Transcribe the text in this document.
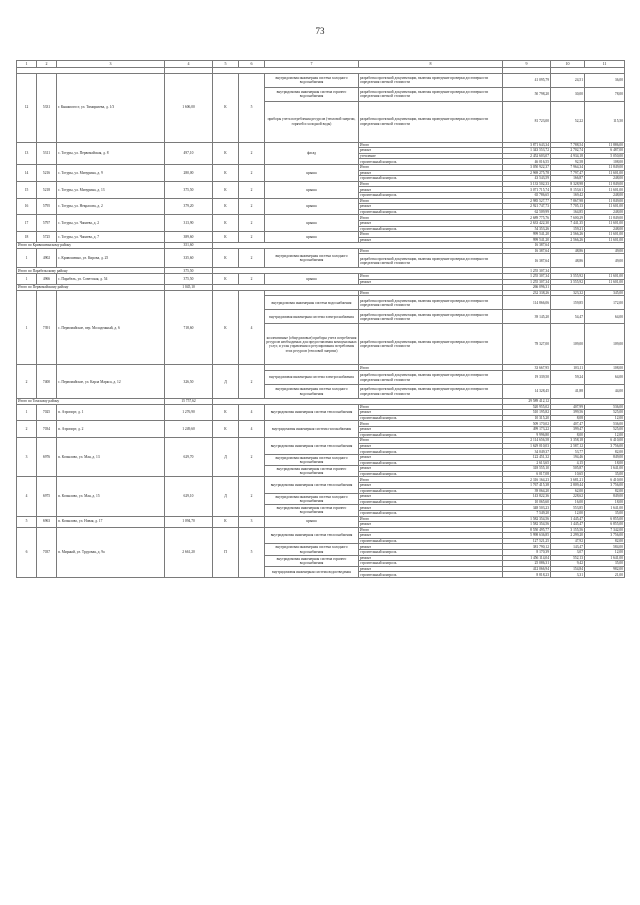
73
1	2	3	4	5	6	7	8	9	10	11

12	5331	г. Княжпогост, ул. Тимирязева, д. 1/3	1 606,00	К	5	внутридомовая инженерная система холодного водоснабжения	разработка проектной документации, включая проведение проверки достоверности определения сметной стоимости	41 095,79	24,51	36,00
						внутридомовая инженерная система горячего водоснабжения	разработка проектной документации, включая проведение проверки достоверности определения сметной стоимости	50 798,20	30,00	78,00
						приборы учета потребления ресурсов (тепловой энергии, горячей и холодной воды)	разработка проектной документации, включая проведение проверки достоверности определения сметной стоимости	81 723,00	52,22	115,50
13	5311	с. Тотуры, ул. Первомайская, д. 8	497,10	К	2	фасад	Итого	3 871 643,34	7 788,54	11 886,00
							ремонт	1 343 553,72	2 702,74	6 487,00
							утепление	2 452 603,07	4 934,18	5 050,00
							строительный контроль	46 016,55	92,58	108,00
14	5216	с. Тотуры, ул. Мичурина, д. 9	280,00	К	2	крыша	Итого	3 050 922,37	7 964,34	11 849,00
							ремонт	2 969 275,78	7 797,47	11 601,00
							строительный контроль	43 543,59	166,87	248,00
15	5218	с. Тотуры, ул. Мичурина, д. 13	375,50	К	2	крыша	Итого	3 133 502,33	8 328,98	11 849,00
							ремонт	3 071 715,74	8 153,61	11 601,00
							строительный контроль	65 786,65	169,42	248,00
16	5795	с. Тотуры, ул. Некрасова, д. 2	379,20	К	2	крыша	Итого	2 985 527,77	7 867,98	11 849,00
							ремонт	2 921 747,73	7 705,13	11 601,00
							строительный контроль	62 509,99	164,85	248,00
17	5797	с. Тотуры, ул. Чапаева, д. 2	313,90	К	2	крыша	Итого	2 689 775,76	7 600,29	11 849,00
							ремонт	2 633 422,30	7 441,35	11 601,00
							строительный контроль	54 353,26	159,21	248,00
18	5725	с. Тотуры, ул. Чапаева, д. 7	389,60	К	2	крыша	Итого	999 541,20	2 566,26	11 601,00
							ремонт	999 541,20	2 566,26	11 601,00
Итого по Кривошеинскому району			351,60					16 387,64		
1	4902	с. Кривошеино, ул. Кирова, д. 25	335,60	К	2	внутридомовая инженерная система холодного водоснабжения	Итого	16 387,64	48,86	49,00
							разработка проектной документации, включая проведение проверки достоверности определения сметной стоимости	16 387,64	48,86	49,00
Итого по Парабельскому району			375,50					1 255 307,34		
1	4966	с. Парабель, ул. Советская, д. 54	375,50	К	2	крыша	Итого	1 255 307,34	3 555,92	11 601,00
							ремонт	1 255 307,34	3 555,92	11 601,00
Итого по Первомайскому району			1 045,10					266 096,31		
1	7391	с. Первомайское, пер. Молодежный, д. 6	718,60	К	4		Итого	232 338,26	323,32	345,00
						внутридомовая инженерная система водоснабжения	разработка проектной документации, включая проведение проверки достоверности определения сметной стоимости	114 866,06	159,85	172,00
						внутридомовая инженерная система электроснабжения	разработка проектной документации, включая проведение проверки достоверности определения сметной стоимости	39 145,20	54,47	64,00
						коллективные (общедомовые) приборы учета потребления ресурсов необходимых для предоставления коммунальных услуг, и узлы управления и регулирования потребления этих ресурсов (тепловой энергии)	разработка проектной документации, включая проведение проверки достоверности определения сметной стоимости	78 327,00	109,00	109,00
2	7400	с. Первомайское, ул. Карла Маркса, д. 12	326,50	Д	2		Итого	33 667,95	103,11	108,00
						внутридомовая инженерная система электроснабжения	разработка проектной документации, включая проведение проверки достоверности определения сметной стоимости	19 339,50	59,24	64,00
						внутридомовая инженерная система холодного водоснабжения	разработка проектной документации, включая проведение проверки достоверности определения сметной стоимости	14 328,45	41,88	44,00
Итого по Томскому району			15 757,62					29 589 412,12		
1	7025	п. Аэропорт, д. 1	1 276,90	К	4	внутридомовая инженерная система теплоснабжения	Итого	520 955,02	407,99	536,00
							ремонт	510 195,82	399,56	525,00
							строительный контроль	10 315,20	8,08	12,00
2	7034	п. Аэропорт, д. 2	1 249,60	К	4	внутридомовая инженерная система газоснабжения	Итого	509 170,02	407,47	536,00
							ремонт	499 173,22	399,47	525,00
							строительный контроль	9 996,80	8,00	12,00
3	6976	п. Копылово, ул. Мая, д. 13	629,70	Д	2	внутридомовая инженерная система теплоснабжения	Итого	2 114 656,58	3 358,18	6 410,00
							ремонт	1 629 010,03	2 587,12	3 756,00
							строительный контроль	34 049,37	53,77	82,00
						внутридомовая инженерная система холодного водоснабжения	ремонт	122 451,32	194,46	849,00
							строительный контроль	2 613,65	4,15	18,00
						внутридомовая инженерная система горячего водоснабжения	ремонт	318 555,10	505,87	1 641,00
							строительный контроль	6 017,08	10,65	35,00
4	6975	п. Копылово, ул. Мая, д. 15	629,10	Д	2	внутридомовая инженерная система теплоснабжения	Итого	2 316 164,23	3 681,21	6 410,00
							ремонт	1 767 415,38	2 809,44	3 756,00
							строительный контроль	39 064,20	62,00	82,00
						внутридомовая инженерная система холодного водоснабжения	ремонт	143 822,36	228,62	849,00
							строительный контроль	10 065,60	16,00	18,00
						внутридомовая инженерная система горячего водоснабжения	ремонт	348 503,23	553,85	1 641,00
							строительный контроль	7 549,20	12,00	35,00
5	6963	п. Копылово, ул. Новая, д. 17	1 094,70	К	3	крыша	Итого	1 582 354,56	1 445,47	6 855,00
							ремонт	1 582 354,56	1 445,47	6 855,00
6	7037	п. Мирный, ул. Трудовая, д. 9а	2 661,20	П	5	внутридомовая инженерная система теплоснабжения	Итого	8 550 495,77	3 155,56	7 342,00
							ремонт	5 998 636,85	2 299,20	3 756,00
							строительный контроль	127 521,25	47,92	82,00
						внутридомовая инженерная система холодного водоснабжения	ремонт	381 790,12	143,47	584,00
							строительный контроль	8 170,39	3,07	12,00
						внутридомовая инженерная система горячего водоснабжения	ремонт	1 456 114,04	552,13	1 641,00
							строительный контроль	25 086,31	9,42	35,00
						внутридомовая инженерная система водоотведения	ремонт	412 066,94	154,84	982,00
							строительный контроль	8 818,23	3,31	21,00
